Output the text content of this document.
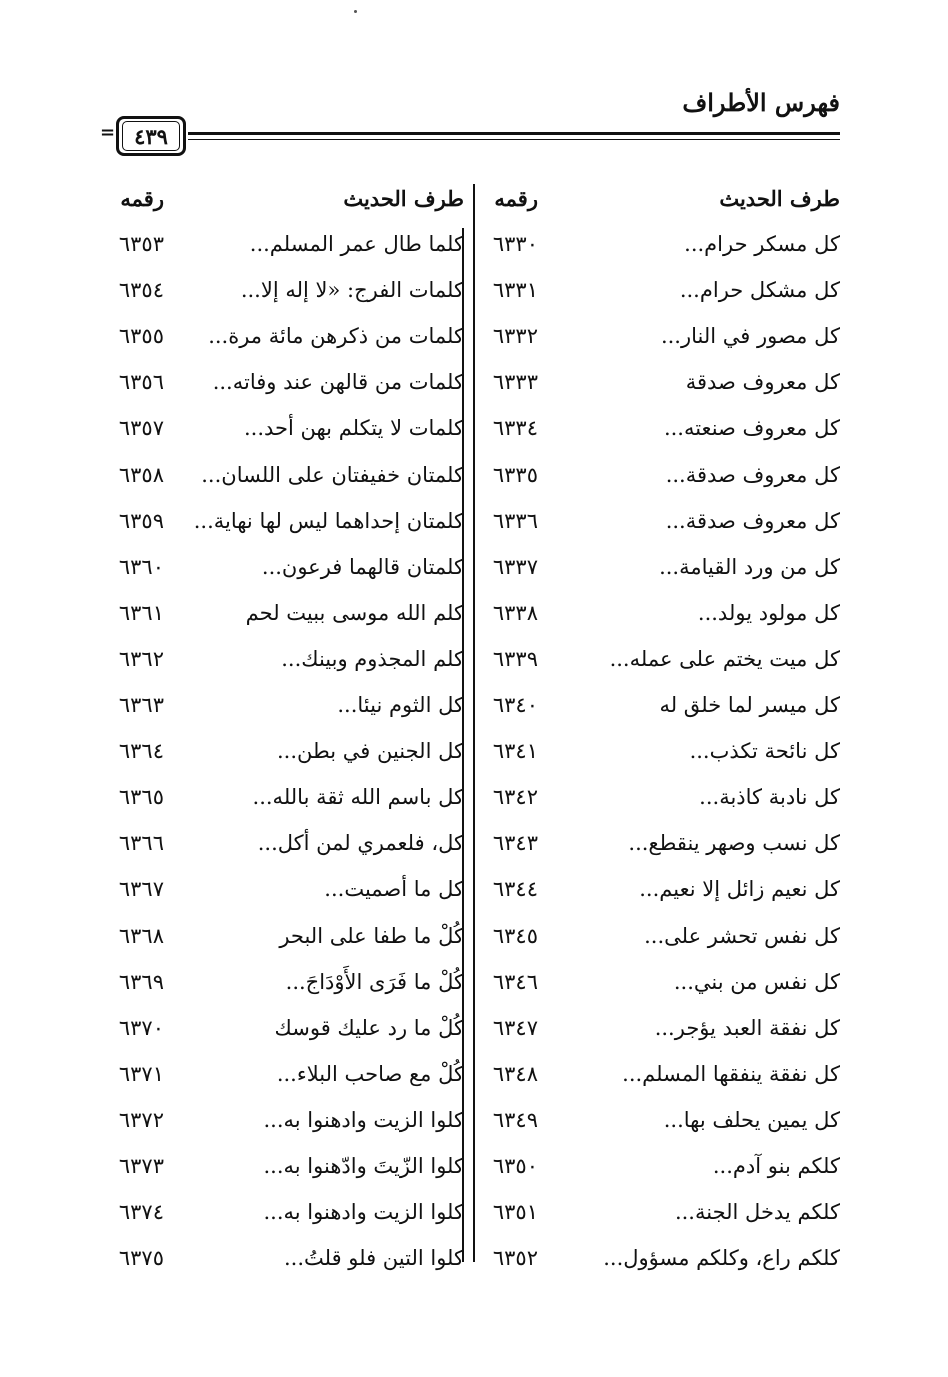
فهرس الأطراف
= ٤٣٩
طرف الحديث
رقمه
طرف الحديث
رقمه
كل مسكر حرام...
٦٣٣٠
كلما طال عمر المسلم...
٦٣٥٣
كل مشكل حرام...
٦٣٣١
كلمات الفرج: «لا إله إلا...
٦٣٥٤
كل مصور في النار...
٦٣٣٢
كلمات من ذكرهن مائة مرة...
٦٣٥٥
كل معروف صدقة
٦٣٣٣
كلمات من قالهن عند وفاته...
٦٣٥٦
كل معروف صنعته...
٦٣٣٤
كلمات لا يتكلم بهن أحد...
٦٣٥٧
كل معروف صدقة...
٦٣٣٥
كلمتان خفيفتان على اللسان...
٦٣٥٨
كل معروف صدقة...
٦٣٣٦
كلمتان إحداهما ليس لها نهاية...
٦٣٥٩
كل من ورد القيامة...
٦٣٣٧
كلمتان قالهما فرعون...
٦٣٦٠
كل مولود يولد...
٦٣٣٨
كلم الله موسى ببيت لحم
٦٣٦١
كل ميت يختم على عمله...
٦٣٣٩
كلم المجذوم وبينك...
٦٣٦٢
كل ميسر لما خلق له
٦٣٤٠
كل الثوم نيئا...
٦٣٦٣
كل نائحة تكذب...
٦٣٤١
كل الجنين في بطن...
٦٣٦٤
كل نادبة كاذبة...
٦٣٤٢
كل باسم الله ثقة بالله...
٦٣٦٥
كل نسب وصهر ينقطع...
٦٣٤٣
كل، فلعمري لمن أكل...
٦٣٦٦
كل نعيم زائل إلا نعيم...
٦٣٤٤
كل ما أصميت...
٦٣٦٧
كل نفس تحشر على...
٦٣٤٥
كُلْ ما طفا على البحر
٦٣٦٨
كل نفس من بني...
٦٣٤٦
كُلْ ما فَرَى الأَوْدَاجَ...
٦٣٦٩
كل نفقة العبد يؤجر...
٦٣٤٧
كُلْ ما رد عليك قوسك
٦٣٧٠
كل نفقة ينفقها المسلم...
٦٣٤٨
كُلْ مع صاحب البلاء...
٦٣٧١
كل يمين يحلف بها...
٦٣٤٩
كلوا الزيت وادهنوا به...
٦٣٧٢
كلكم بنو آدم...
٦٣٥٠
كلوا الزّيتَ وادّهنوا به...
٦٣٧٣
كلكم يدخل الجنة...
٦٣٥١
كلوا الزيت وادهنوا به...
٦٣٧٤
كلكم راع، وكلكم مسؤول...
٦٣٥٢
كلوا التين فلو قلتُ...
٦٣٧٥
